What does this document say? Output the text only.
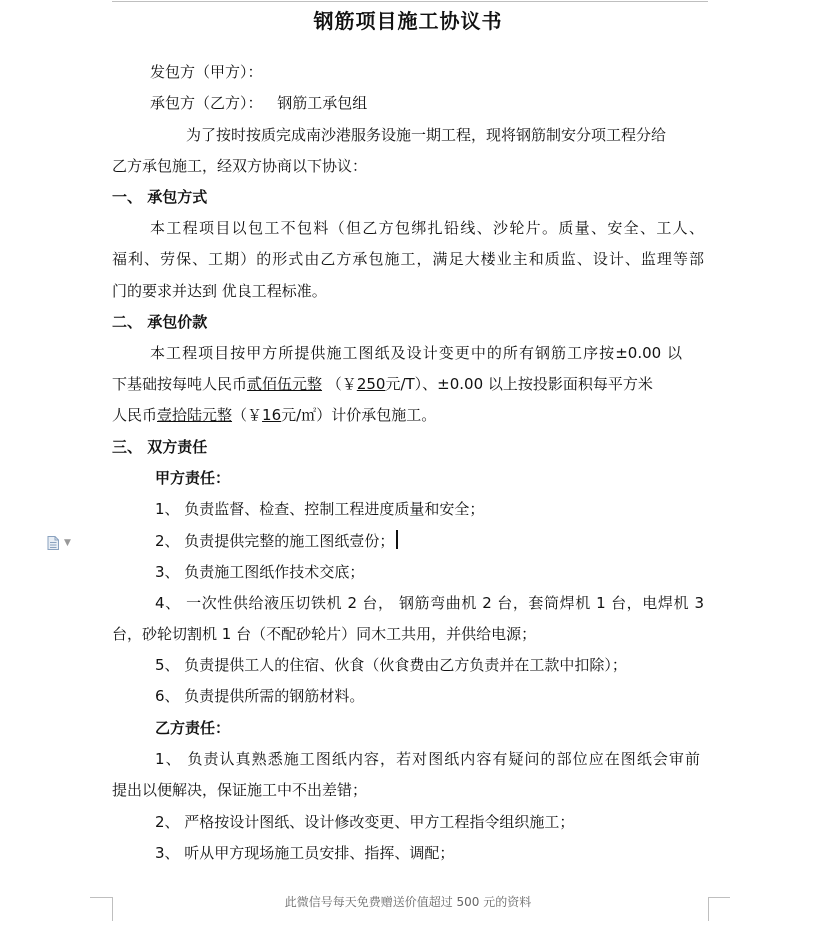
钢筋项目施工协议书
发包方（甲方）：
承包方（乙方）： 钢筋工承包组
为了按时按质完成南沙港服务设施一期工程，现将钢筋制安分项工程分给
乙方承包施工，经双方协商以下协议：
一、 承包方式
本工程项目以包工不包料（但乙方包绑扎铅线、沙轮片。质量、安全、工人、
福利、劳保、工期）的形式由乙方承包施工，满足大楼业主和质监、设计、监理等部
门的要求并达到 优良工程标准。
二、 承包价款
本工程项目按甲方所提供施工图纸及设计变更中的所有钢筋工序按±0.00 以
下基础按每吨人民币贰佰伍元整 （￥250元/T）、±0.00 以上按投影面积每平方米
人民币壹拾陆元整（￥16元/㎡）计价承包施工。
三、 双方责任
甲方责任：
1、 负责监督、检查、控制工程进度质量和安全；
2、 负责提供完整的施工图纸壹份；
3、 负责施工图纸作技术交底；
4、 一次性供给液压切铁机 2 台， 钢筋弯曲机 2 台，套筒焊机 1 台，电焊机 3
台，砂轮切割机 1 台（不配砂轮片）同木工共用，并供给电源；
5、 负责提供工人的住宿、伙食（伙食费由乙方负责并在工款中扣除）；
6、 负责提供所需的钢筋材料。
乙方责任：
1、 负责认真熟悉施工图纸内容，若对图纸内容有疑问的部位应在图纸会审前
提出以便解决，保证施工中不出差错；
2、 严格按设计图纸、设计修改变更、甲方工程指令组织施工；
3、 听从甲方现场施工员安排、指挥、调配；
▼
此微信号每天免费赠送价值超过 500 元的资料
